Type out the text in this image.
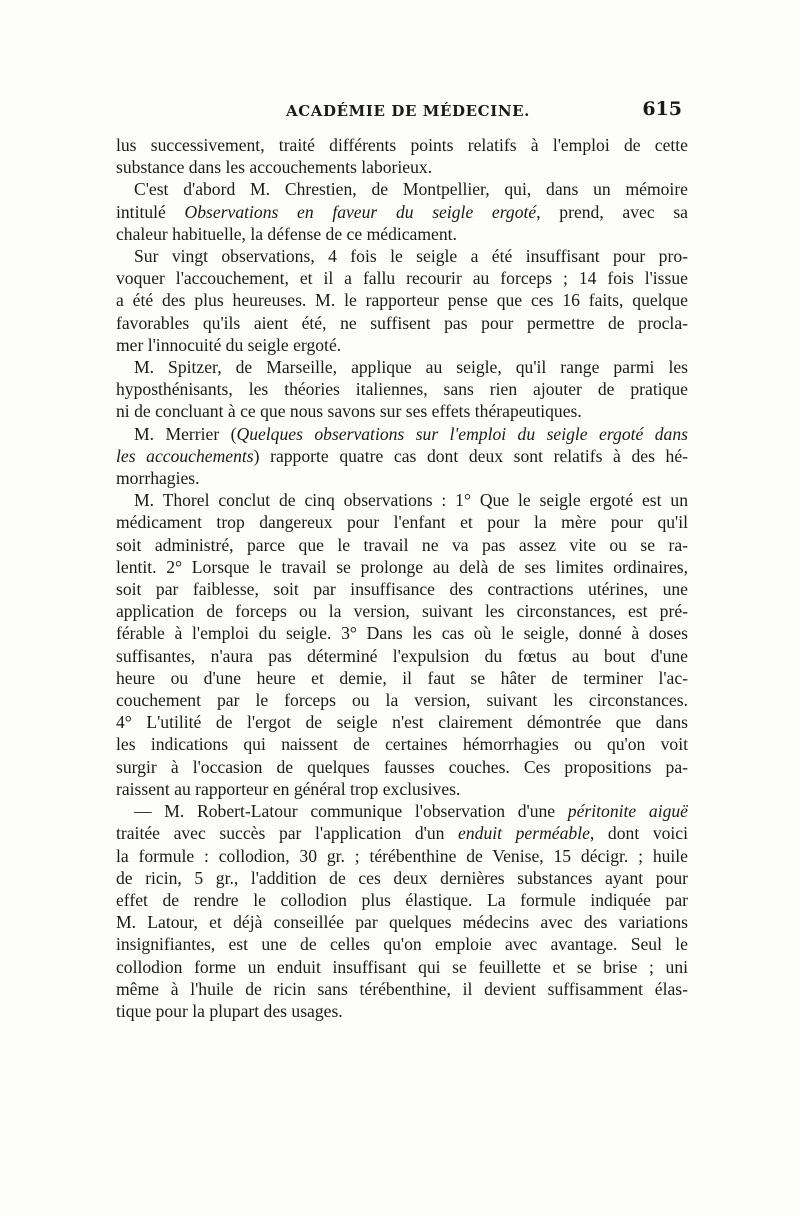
ACADÉMIE DE MÉDECINE.	615
lus successivement, traité différents points relatifs à l'emploi de cette
substance dans les accouchements laborieux.
C'est d'abord M. Chrestien, de Montpellier, qui, dans un mémoire
intitulé Observations en faveur du seigle ergoté, prend, avec sa
chaleur habituelle, la défense de ce médicament.
Sur vingt observations, 4 fois le seigle a été insuffisant pour pro-
voquer l'accouchement, et il a fallu recourir au forceps ; 14 fois l'issue
a été des plus heureuses. M. le rapporteur pense que ces 16 faits, quelque
favorables qu'ils aient été, ne suffisent pas pour permettre de procla-
mer l'innocuité du seigle ergoté.
M. Spitzer, de Marseille, applique au seigle, qu'il range parmi les
hyposthénisants, les théories italiennes, sans rien ajouter de pratique
ni de concluant à ce que nous savons sur ses effets thérapeutiques.
M. Merrier (Quelques observations sur l'emploi du seigle ergoté dans
les accouchements) rapporte quatre cas dont deux sont relatifs à des hé-
morrhagies.
M. Thorel conclut de cinq observations : 1° Que le seigle ergoté est un
médicament trop dangereux pour l'enfant et pour la mère pour qu'il
soit administré, parce que le travail ne va pas assez vite ou se ra-
lentit. 2° Lorsque le travail se prolonge au delà de ses limites ordinaires,
soit par faiblesse, soit par insuffisance des contractions utérines, une
application de forceps ou la version, suivant les circonstances, est pré-
férable à l'emploi du seigle. 3° Dans les cas où le seigle, donné à doses
suffisantes, n'aura pas déterminé l'expulsion du fœtus au bout d'une
heure ou d'une heure et demie, il faut se hâter de terminer l'ac-
couchement par le forceps ou la version, suivant les circonstances.
4° L'utilité de l'ergot de seigle n'est clairement démontrée que dans
les indications qui naissent de certaines hémorrhagies ou qu'on voit
surgir à l'occasion de quelques fausses couches. Ces propositions pa-
raissent au rapporteur en général trop exclusives.
— M. Robert-Latour communique l'observation d'une péritonite aiguë
traitée avec succès par l'application d'un enduit perméable, dont voici
la formule : collodion, 30 gr. ; térébenthine de Venise, 15 décigr. ; huile
de ricin, 5 gr., l'addition de ces deux dernières substances ayant pour
effet de rendre le collodion plus élastique. La formule indiquée par
M. Latour, et déjà conseillée par quelques médecins avec des variations
insignifiantes, est une de celles qu'on emploie avec avantage. Seul le
collodion forme un enduit insuffisant qui se feuillette et se brise ; uni
même à l'huile de ricin sans térébenthine, il devient suffisamment élas-
tique pour la plupart des usages.
